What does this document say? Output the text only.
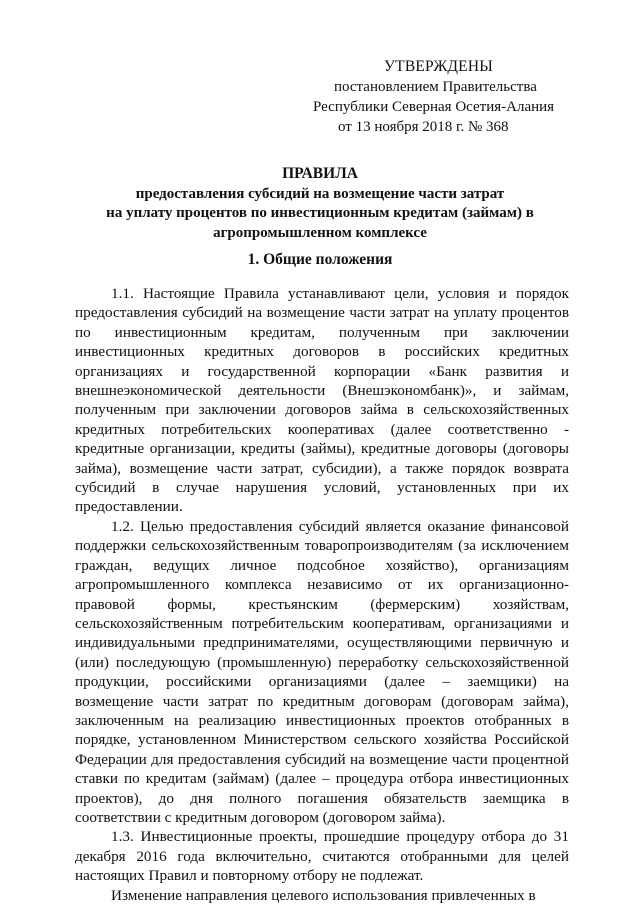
УТВЕРЖДЕНЫ
постановлением Правительства
Республики Северная Осетия-Алания
от 13 ноября 2018 г. № 368
ПРАВИЛА
предоставления субсидий на возмещение части затрат
на уплату процентов по инвестиционным кредитам (займам) в
агропромышленном комплексе
1. Общие положения

1.1. Настоящие Правила устанавливают цели, условия и порядок предоставления субсидий на возмещение части затрат на уплату процентов по инвестиционным кредитам, полученным при заключении инвестиционных кредитных договоров в российских кредитных организациях и государственной корпорации «Банк развития и внешнеэкономической деятельности (Внешэкономбанк)», и займам, полученным при заключении договоров займа в сельскохозяйственных кредитных потребительских кооперативах (далее соответственно - кредитные организации, кредиты (займы), кредитные договоры (договоры займа), возмещение части затрат, субсидии), а также порядок возврата субсидий в случае нарушения условий, установленных при их предоставлении.

1.2. Целью предоставления субсидий является оказание финансовой поддержки сельскохозяйственным товаропроизводителям (за исключением граждан, ведущих личное подсобное хозяйство), организациям агропромышленного комплекса независимо от их организационно-правовой формы, крестьянским (фермерским) хозяйствам, сельскохозяйственным потребительским кооперативам, организациями и индивидуальными предпринимателями, осуществляющими первичную и (или) последующую (промышленную) переработку сельскохозяйственной продукции, российскими организациями (далее – заемщики) на возмещение части затрат по кредитным договорам (договорам займа), заключенным на реализацию инвестиционных проектов отобранных в порядке, установленном Министерством сельского хозяйства Российской Федерации для предоставления субсидий на возмещение части процентной ставки по кредитам (займам) (далее – процедура отбора инвестиционных проектов), до дня полного погашения обязательств заемщика в соответствии с кредитным договором (договором займа).

1.3. Инвестиционные проекты, прошедшие процедуру отбора до 31 декабря 2016 года включительно, считаются отобранными для целей настоящих Правил и повторному отбору не подлежат.

Изменение направления целевого использования привлеченных в
